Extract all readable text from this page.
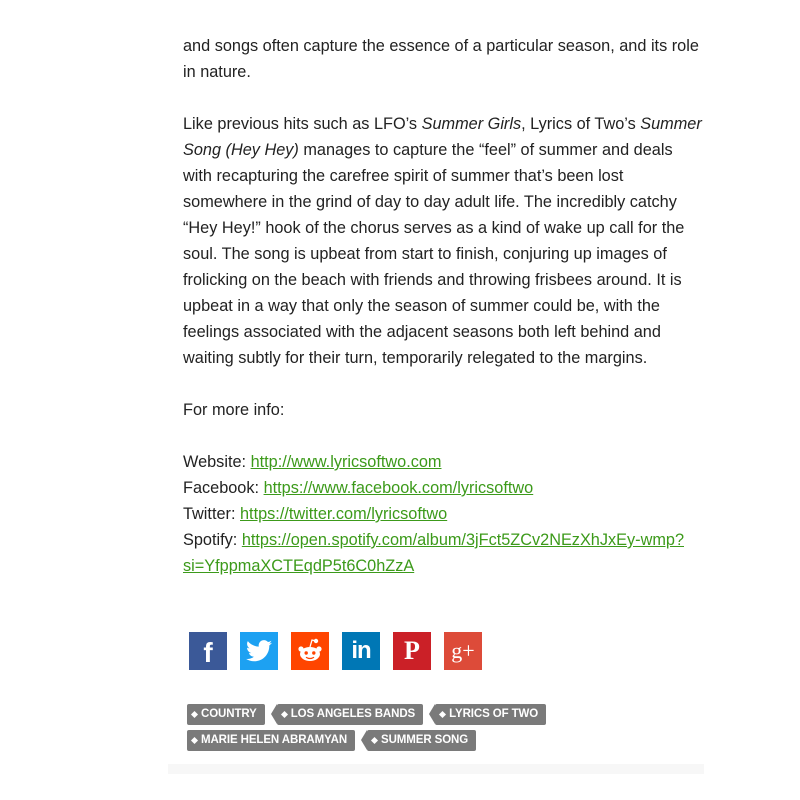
and songs often capture the essence of a particular season, and its role in nature.

Like previous hits such as LFO’s Summer Girls, Lyrics of Two’s Summer Song (Hey Hey) manages to capture the “feel” of summer and deals with recapturing the carefree spirit of summer that’s been lost somewhere in the grind of day to day adult life. The incredibly catchy “Hey Hey!” hook of the chorus serves as a kind of wake up call for the soul. The song is upbeat from start to finish, conjuring up images of frolicking on the beach with friends and throwing frisbees around. It is upbeat in a way that only the season of summer could be, with the feelings associated with the adjacent seasons both left behind and waiting subtly for their turn, temporarily relegated to the margins.

For more info:

Website: http://www.lyricsoftwo.com

Facebook: https://www.facebook.com/lyricsoftwo

Twitter: https://twitter.com/lyricsoftwo

Spotify: https://open.spotify.com/album/3jFct5ZCv2NEzXhJxEy-wmp?si=YfppmaXCTEqdP5t6C0hZzA

f	in P g+
COUNTRY	LOS ANGELES BANDS	LYRICS OF TWO
MARIE HELEN ABRAMYAN	SUMMER SONG
